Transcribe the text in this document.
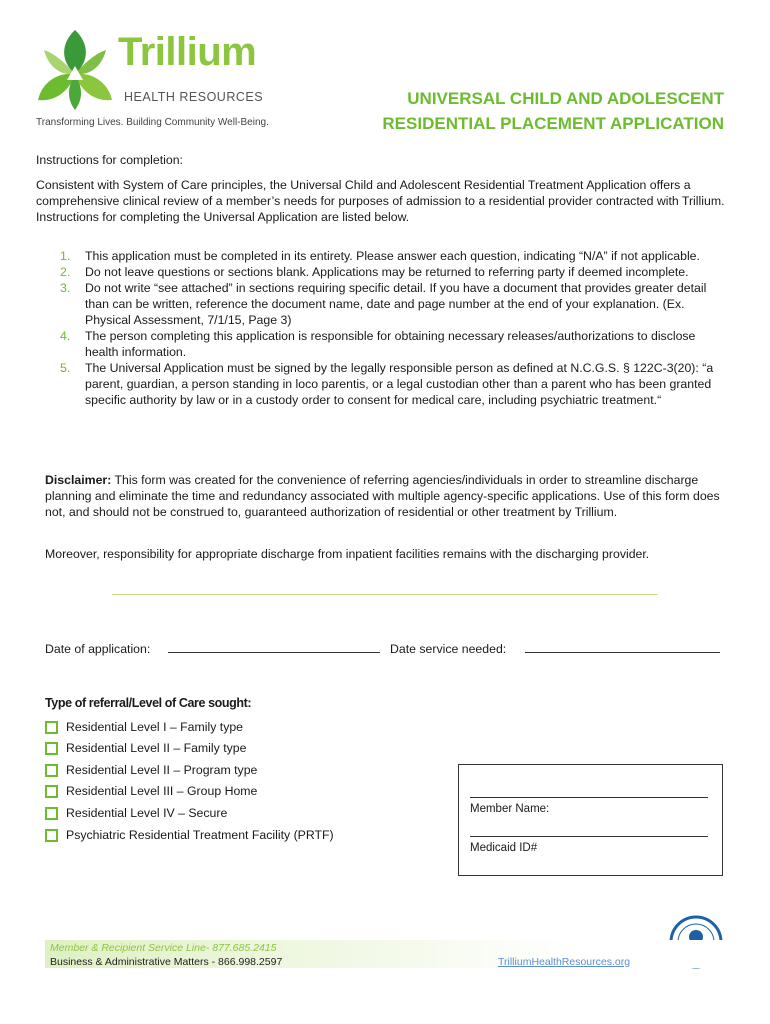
Trillium
HEALTH RESOURCES
Transforming Lives. Building Community Well-Being.
UNIVERSAL CHILD AND ADOLESCENT
RESIDENTIAL PLACEMENT APPLICATION
Instructions for completion:
Consistent with System of Care principles, the Universal Child and Adolescent Residential Treatment Application offers a comprehensive clinical review of a member’s needs for purposes of admission to a residential provider contracted with Trillium. Instructions for completing the Universal Application are listed below.
1. This application must be completed in its entirety. Please answer each question, indicating “N/A” if not applicable.
2. Do not leave questions or sections blank. Applications may be returned to referring party if deemed incomplete.
3. Do not write “see attached” in sections requiring specific detail. If you have a document that provides greater detail than can be written, reference the document name, date and page number at the end of your explanation. (Ex. Physical Assessment, 7/1/15, Page 3)
4. The person completing this application is responsible for obtaining necessary releases/authorizations to disclose health information.
5. The Universal Application must be signed by the legally responsible person as defined at N.C.G.S. § 122C-3(20): “a parent, guardian, a person standing in loco parentis, or a legal custodian other than a parent who has been granted specific authority by law or in a custody order to consent for medical care, including psychiatric treatment.“
Disclaimer: This form was created for the convenience of referring agencies/individuals in order to streamline discharge planning and eliminate the time and redundancy associated with multiple agency-specific applications. Use of this form does not, and should not be construed to, guaranteed authorization of residential or other treatment by Trillium.
Moreover, responsibility for appropriate discharge from inpatient facilities remains with the discharging provider.
Date of application:	Date service needed:
Type of referral/Level of Care sought:
Residential Level I – Family type
Residential Level II – Family type
Residential Level II – Program type
Residential Level III – Group Home
Residential Level IV – Secure
Psychiatric Residential Treatment Facility (PRTF)
Member Name:
Medicaid ID#
Member & Recipient Service Line- 877.685.2415
Business & Administrative Matters - 866.998.2597	TrilliumHealthResources.org
